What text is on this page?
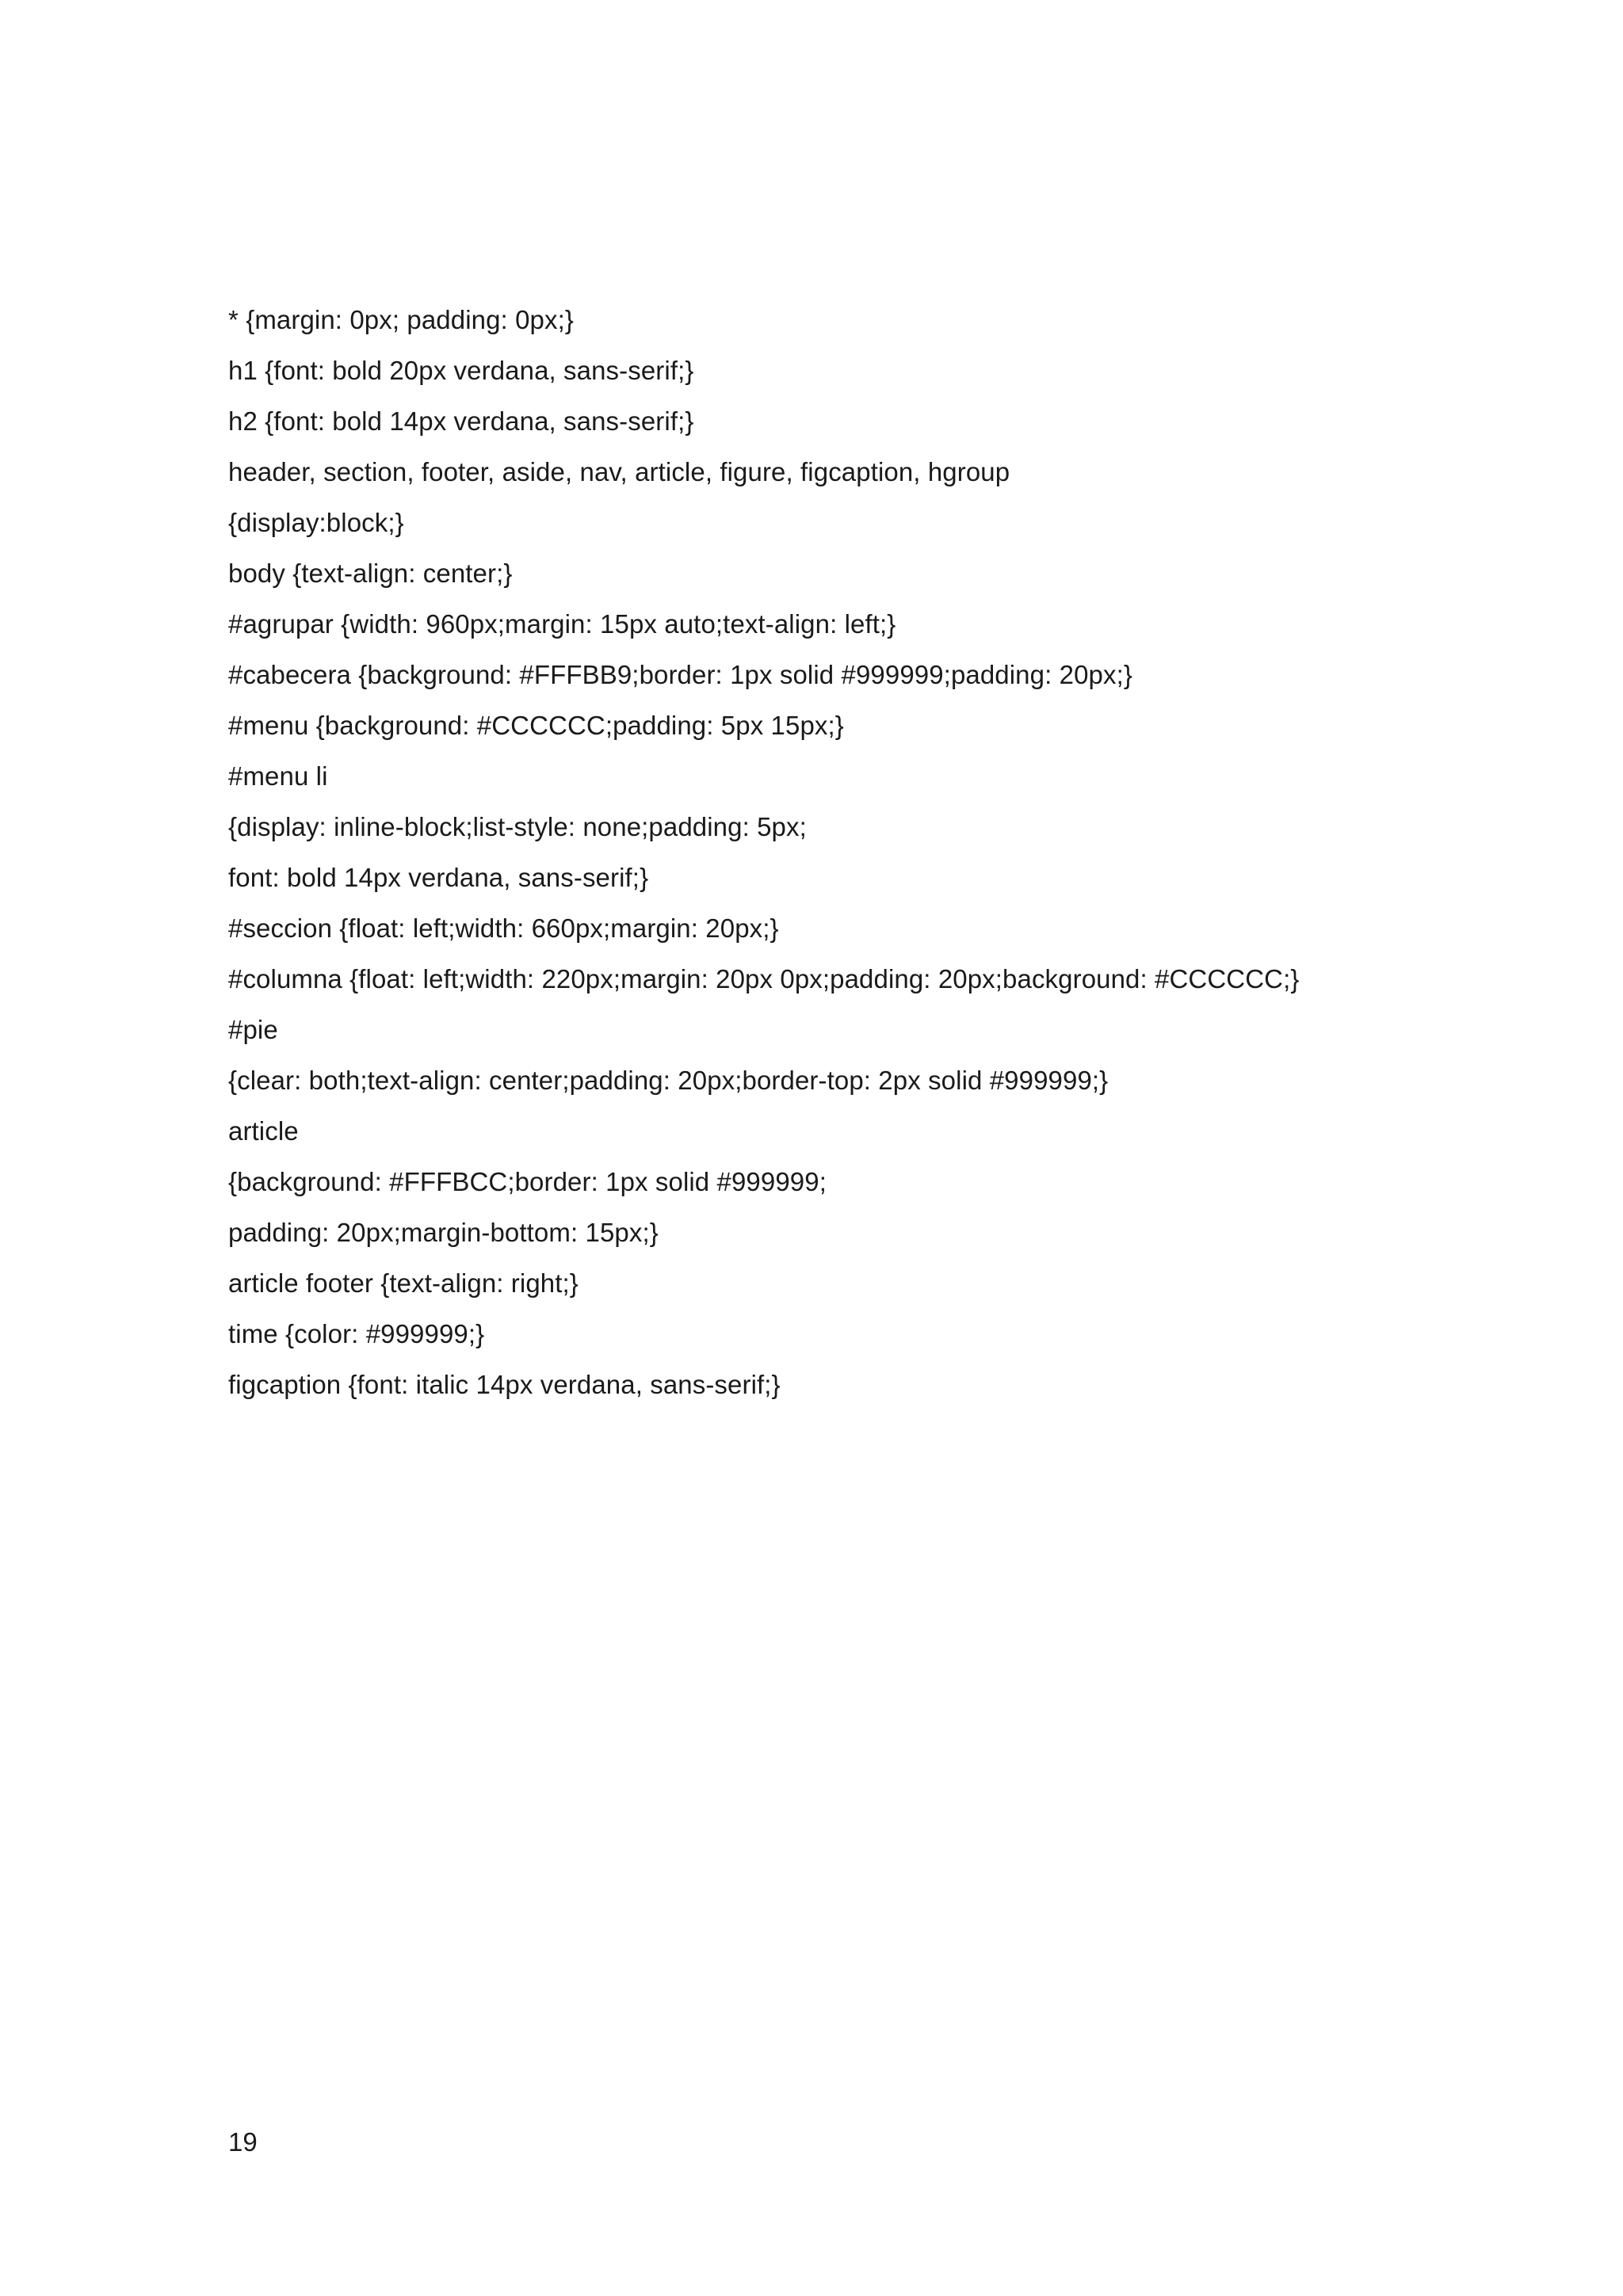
* {margin: 0px; padding: 0px;}
h1 {font: bold 20px verdana, sans-serif;}
h2 {font: bold 14px verdana, sans-serif;}
header, section, footer, aside, nav, article, figure, figcaption, hgroup
{display:block;}
body {text-align: center;}
#agrupar {width: 960px;margin: 15px auto;text-align: left;}
#cabecera {background: #FFFBB9;border: 1px solid #999999;padding: 20px;}
#menu {background: #CCCCCC;padding: 5px 15px;}
#menu li
{display: inline-block;list-style: none;padding: 5px;
font: bold 14px verdana, sans-serif;}
#seccion {float: left;width: 660px;margin: 20px;}
#columna {float: left;width: 220px;margin: 20px 0px;padding: 20px;background: #CCCCCC;}
#pie
{clear: both;text-align: center;padding: 20px;border-top: 2px solid #999999;}
article
{background: #FFFBCC;border: 1px solid #999999;
padding: 20px;margin-bottom: 15px;}
article footer {text-align: right;}
time {color: #999999;}
figcaption {font: italic 14px verdana, sans-serif;}
19
